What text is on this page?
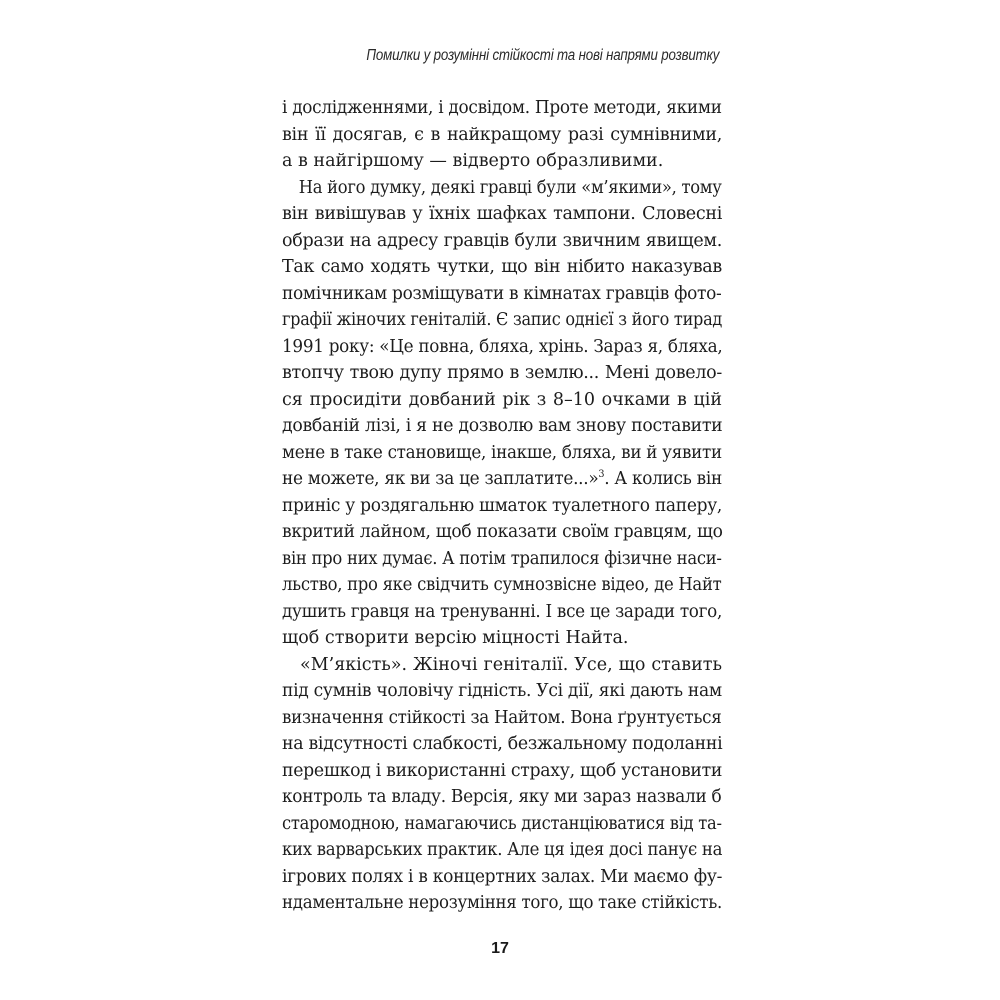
Помилки у розумінні стійкості та нові напрями розвитку
і дослідженнями, і досвідом. Проте методи, якими
він її досягав, є в найкращому разі сумнівними,
а в найгіршому — відверто образливими.
На його думку, деякі гравці були «м’якими», тому
він вивішував у їхніх шафках тампони. Словесні
образи на адресу гравців були звичним явищем.
Так само ходять чутки, що він нібито наказував
помічникам розміщувати в кімнатах гравців фото-
графії жіночих геніталій. Є запис однієї з його тирад
1991 року: «Це повна, бляха, хрінь. Зараз я, бляха,
втопчу твою дупу прямо в землю... Мені довело-
ся просидіти довбаний рік з 8–10 очками в цій
довбаній лізі, і я не дозволю вам знову поставити
мене в таке становище, інакше, бляха, ви й уявити
не можете, як ви за це заплатите...»$^3$. А колись він
приніс у роздягальню шматок туалетного паперу,
вкритий лайном, щоб показати своїм гравцям, що
він про них думає. А потім трапилося фізичне наси-
льство, про яке свідчить сумнозвісне відео, де Найт
душить гравця на тренуванні. І все це заради того,
щоб створити версію міцності Найта.
«М’якість». Жіночі геніталії. Усе, що ставить
під сумнів чоловічу гідність. Усі дії, які дають нам
визначення стійкості за Найтом. Вона ґрунтується
на відсутності слабкості, безжальному подоланні
перешкод і використанні страху, щоб установити
контроль та владу. Версія, яку ми зараз назвали б
старомодною, намагаючись дистанціюватися від та-
ких варварських практик. Але ця ідея досі панує на
ігрових полях і в концертних залах. Ми маємо фу-
ндаментальне нерозуміння того, що таке стійкість.
17
